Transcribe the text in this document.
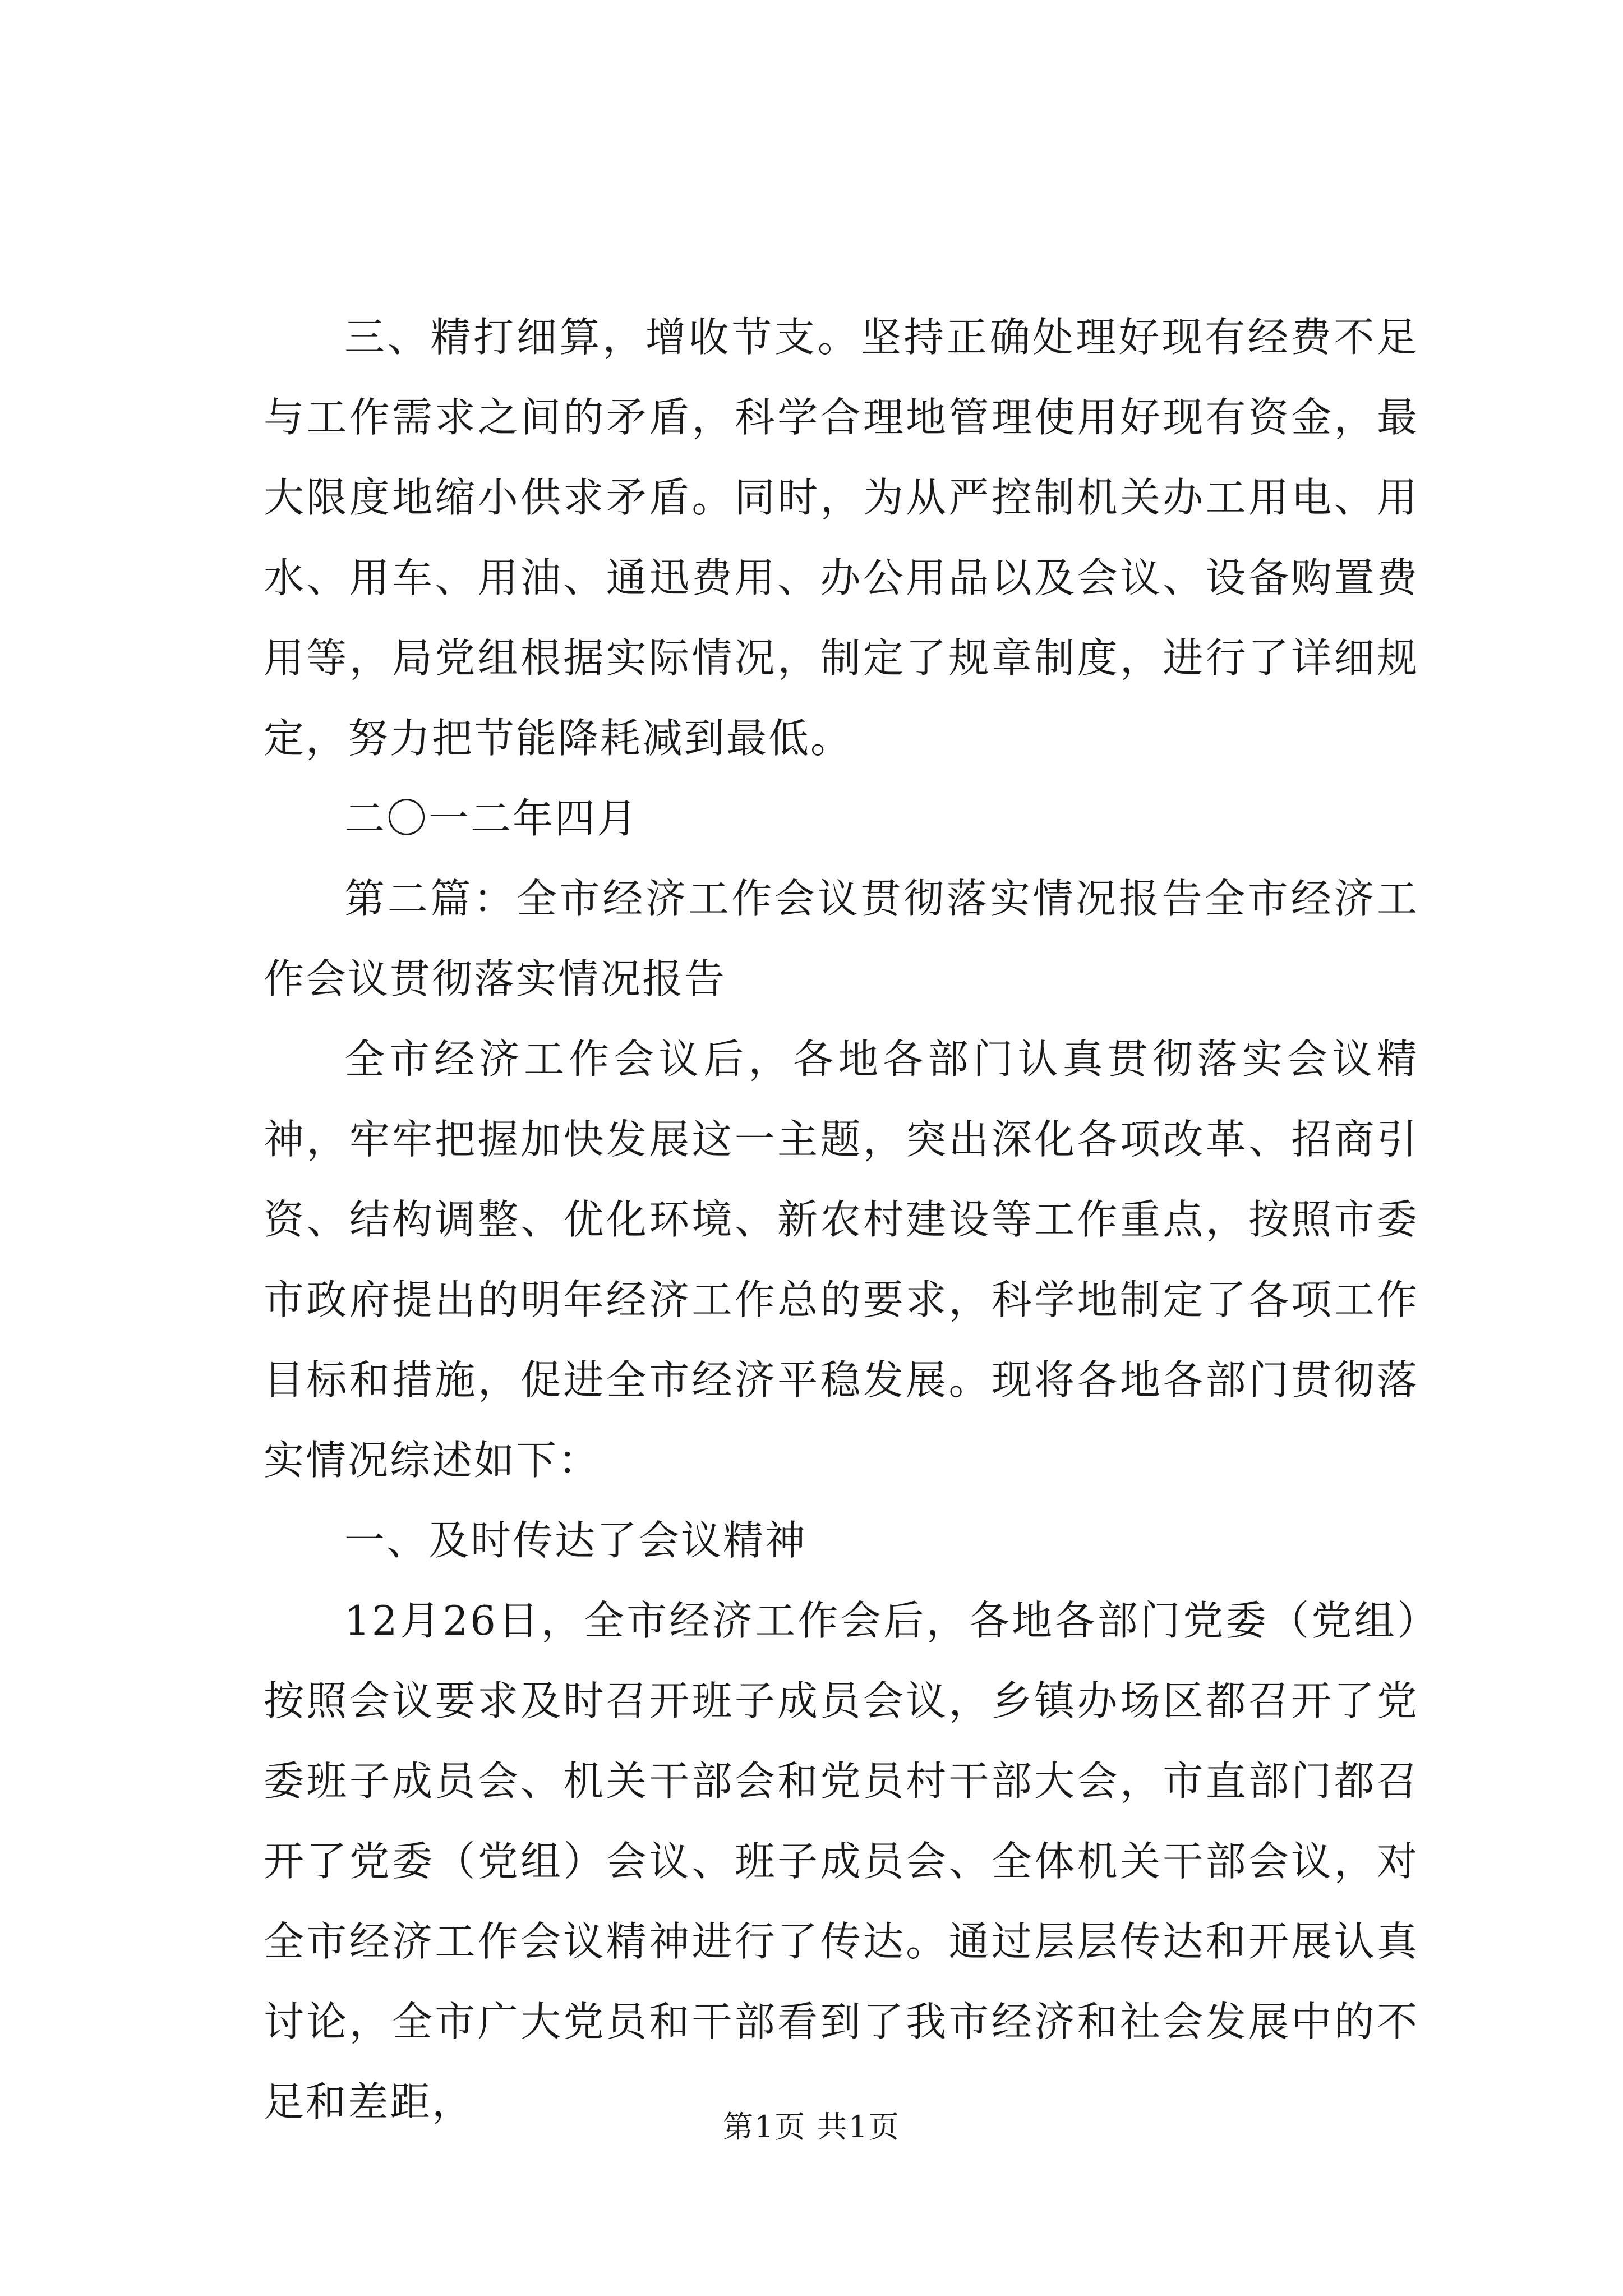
三、精打细算，增收节支。坚持正确处理好现有经费不足与工作需求之间的矛盾，科学合理地管理使用好现有资金，最大限度地缩小供求矛盾。同时，为从严控制机关办工用电、用水、用车、用油、通迅费用、办公用品以及会议、设备购置费用等，局党组根据实际情况，制定了规章制度，进行了详细规定，努力把节能降耗减到最低。

二〇一二年四月

第二篇：全市经济工作会议贯彻落实情况报告全市经济工作会议贯彻落实情况报告

全市经济工作会议后，各地各部门认真贯彻落实会议精神，牢牢把握加快发展这一主题，突出深化各项改革、招商引资、结构调整、优化环境、新农村建设等工作重点，按照市委市政府提出的明年经济工作总的要求，科学地制定了各项工作目标和措施，促进全市经济平稳发展。现将各地各部门贯彻落实情况综述如下：

一、及时传达了会议精神

12月26日，全市经济工作会后，各地各部门党委（党组）按照会议要求及时召开班子成员会议，乡镇办场区都召开了党委班子成员会、机关干部会和党员村干部大会，市直部门都召开了党委（党组）会议、班子成员会、全体机关干部会议，对全市经济工作会议精神进行了传达。通过层层传达和开展认真讨论，全市广大党员和干部看到了我市经济和社会发展中的不足和差距，

第1页 共1页
